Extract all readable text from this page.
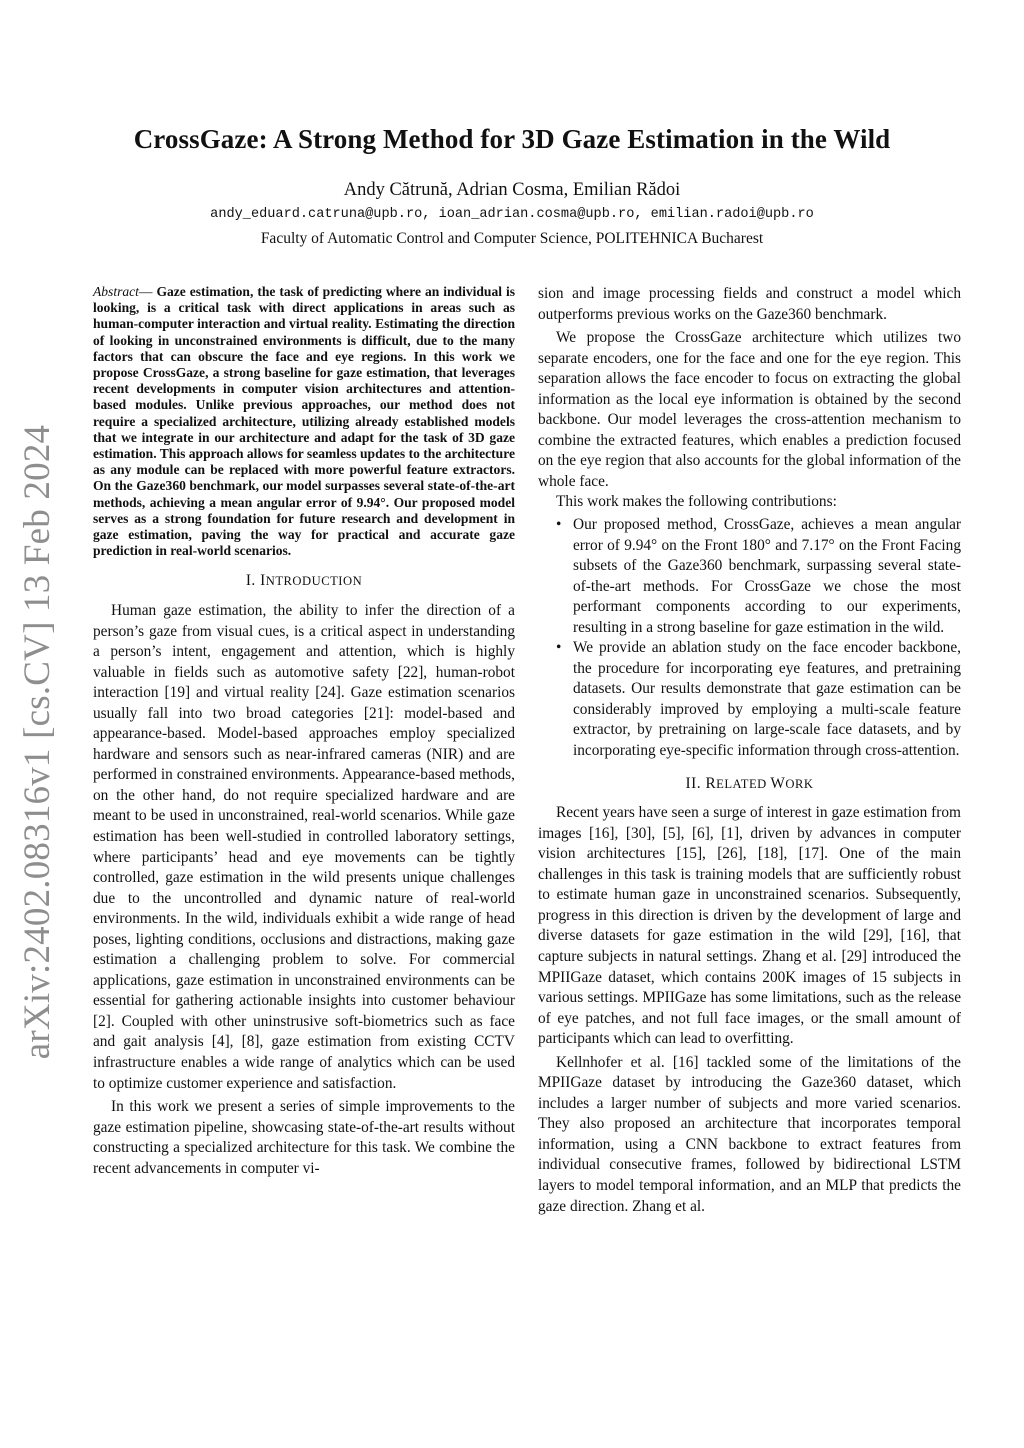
arXiv:2402.08316v1 [cs.CV] 13 Feb 2024
CrossGaze: A Strong Method for 3D Gaze Estimation in the Wild
Andy Cătrună, Adrian Cosma, Emilian Rădoi
andy_eduard.catruna@upb.ro, ioan_adrian.cosma@upb.ro, emilian.radoi@upb.ro
Faculty of Automatic Control and Computer Science, POLITEHNICA Bucharest

Abstract— Gaze estimation, the task of predicting where an individual is looking, is a critical task with direct applications in areas such as human-computer interaction and virtual reality. Estimating the direction of looking in unconstrained environments is difficult, due to the many factors that can obscure the face and eye regions. In this work we propose CrossGaze, a strong baseline for gaze estimation, that leverages recent developments in computer vision architectures and attention-based modules. Unlike previous approaches, our method does not require a specialized architecture, utilizing already established models that we integrate in our architecture and adapt for the task of 3D gaze estimation. This approach allows for seamless updates to the architecture as any module can be replaced with more powerful feature extractors. On the Gaze360 benchmark, our model surpasses several state-of-the-art methods, achieving a mean angular error of 9.94°. Our proposed model serves as a strong foundation for future research and development in gaze estimation, paving the way for practical and accurate gaze prediction in real-world scenarios.

I. INTRODUCTION

Human gaze estimation, the ability to infer the direction of a person’s gaze from visual cues, is a critical aspect in understanding a person’s intent, engagement and attention, which is highly valuable in fields such as automotive safety [22], human-robot interaction [19] and virtual reality [24]. Gaze estimation scenarios usually fall into two broad categories [21]: model-based and appearance-based. Model-based approaches employ specialized hardware and sensors such as near-infrared cameras (NIR) and are performed in constrained environments. Appearance-based methods, on the other hand, do not require specialized hardware and are meant to be used in unconstrained, real-world scenarios. While gaze estimation has been well-studied in controlled laboratory settings, where participants’ head and eye movements can be tightly controlled, gaze estimation in the wild presents unique challenges due to the uncontrolled and dynamic nature of real-world environments. In the wild, individuals exhibit a wide range of head poses, lighting conditions, occlusions and distractions, making gaze estimation a challenging problem to solve. For commercial applications, gaze estimation in unconstrained environments can be essential for gathering actionable insights into customer behaviour [2]. Coupled with other uninstrusive soft-biometrics such as face and gait analysis [4], [8], gaze estimation from existing CCTV infrastructure enables a wide range of analytics which can be used to optimize customer experience and satisfaction.

In this work we present a series of simple improvements to the gaze estimation pipeline, showcasing state-of-the-art results without constructing a specialized architecture for this task. We combine the recent advancements in computer vi-

sion and image processing fields and construct a model which outperforms previous works on the Gaze360 benchmark.

We propose the CrossGaze architecture which utilizes two separate encoders, one for the face and one for the eye region. This separation allows the face encoder to focus on extracting the global information as the local eye information is obtained by the second backbone. Our model leverages the cross-attention mechanism to combine the extracted features, which enables a prediction focused on the eye region that also accounts for the global information of the whole face.

This work makes the following contributions:

• Our proposed method, CrossGaze, achieves a mean angular error of 9.94° on the Front 180° and 7.17° on the Front Facing subsets of the Gaze360 benchmark, surpassing several state-of-the-art methods. For CrossGaze we chose the most performant components according to our experiments, resulting in a strong baseline for gaze estimation in the wild.
• We provide an ablation study on the face encoder backbone, the procedure for incorporating eye features, and pretraining datasets. Our results demonstrate that gaze estimation can be considerably improved by employing a multi-scale feature extractor, by pretraining on large-scale face datasets, and by incorporating eye-specific information through cross-attention.
II. RELATED WORK

Recent years have seen a surge of interest in gaze estimation from images [16], [30], [5], [6], [1], driven by advances in computer vision architectures [15], [26], [18], [17]. One of the main challenges in this task is training models that are sufficiently robust to estimate human gaze in unconstrained scenarios. Subsequently, progress in this direction is driven by the development of large and diverse datasets for gaze estimation in the wild [29], [16], that capture subjects in natural settings. Zhang et al. [29] introduced the MPIIGaze dataset, which contains 200K images of 15 subjects in various settings. MPIIGaze has some limitations, such as the release of eye patches, and not full face images, or the small amount of participants which can lead to overfitting.

Kellnhofer et al. [16] tackled some of the limitations of the MPIIGaze dataset by introducing the Gaze360 dataset, which includes a larger number of subjects and more varied scenarios. They also proposed an architecture that incorporates temporal information, using a CNN backbone to extract features from individual consecutive frames, followed by bidirectional LSTM layers to model temporal information, and an MLP that predicts the gaze direction. Zhang et al.
